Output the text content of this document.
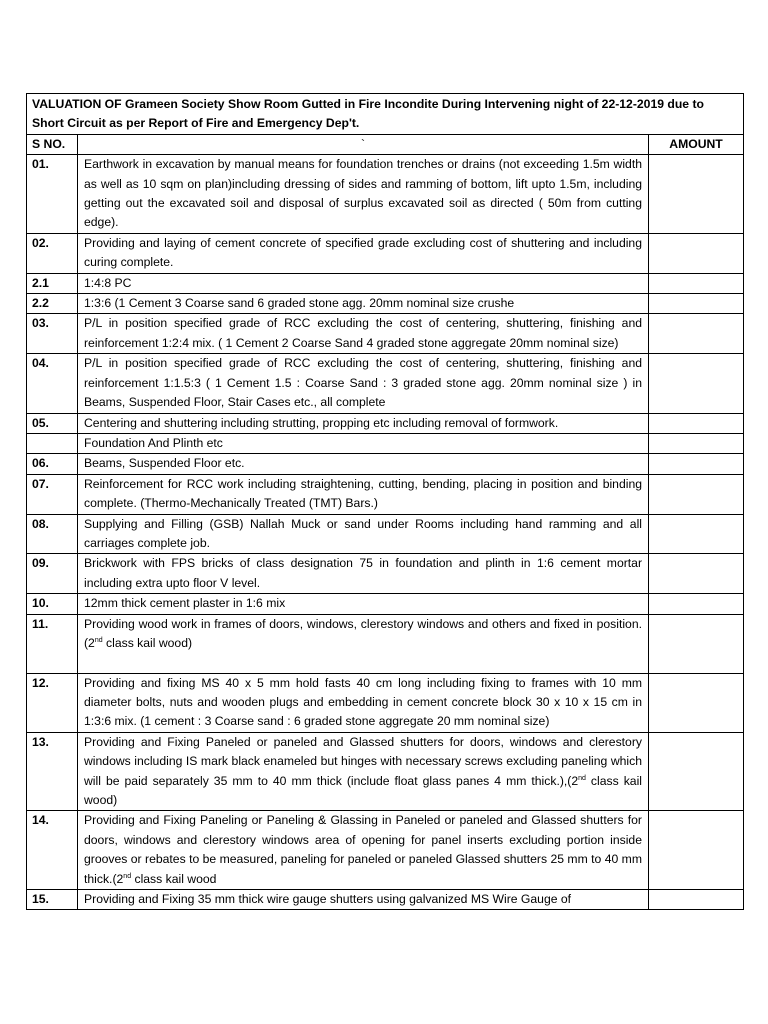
VALUATION OF Grameen Society Show Room Gutted in Fire Incondite During Intervening night of 22-12-2019 due to Short Circuit as per Report of Fire and Emergency Dep't.		
S NO.	`	AMOUNT
01.	Earthwork in excavation by manual means for foundation trenches or drains (not exceeding 1.5m width as well as 10 sqm on plan)including dressing of sides and ramming of bottom, lift upto 1.5m, including getting out the excavated soil and disposal of surplus excavated soil as directed ( 50m from cutting edge).	
02.	Providing and laying of cement concrete of specified grade excluding cost of shuttering and including curing complete.	
2.1	1:4:8 PC	
2.2	1:3:6 (1 Cement 3 Coarse sand 6 graded stone agg. 20mm nominal size crushe	
03.	P/L in position specified grade of RCC excluding the cost of centering, shuttering, finishing and reinforcement 1:2:4 mix. ( 1 Cement 2 Coarse Sand 4 graded stone aggregate 20mm nominal size)	
04.	P/L in position specified grade of RCC excluding the cost of centering, shuttering, finishing and reinforcement 1:1.5:3 ( 1 Cement 1.5 : Coarse Sand : 3 graded stone agg. 20mm nominal size ) in Beams, Suspended Floor, Stair Cases etc., all complete	
05.	Centering and shuttering including strutting, propping etc including removal of formwork.	
	Foundation And Plinth etc	
06.	Beams, Suspended Floor etc.	
07.	Reinforcement for RCC work including straightening, cutting, bending, placing in position and binding complete. (Thermo-Mechanically Treated (TMT) Bars.)	
08.	Supplying and Filling (GSB) Nallah Muck or sand under Rooms including hand ramming and all carriages complete job.	
09.	Brickwork with FPS bricks of class designation 75 in foundation and plinth in 1:6 cement mortar including extra upto floor V level.	
10.	12mm thick cement plaster in 1:6 mix	
11.	Providing wood work in frames of doors, windows, clerestory windows and others and fixed in position.(2nd class kail wood)	
12.	Providing and fixing MS 40 x 5 mm hold fasts 40 cm long including fixing to frames with 10 mm diameter bolts, nuts and wooden plugs and embedding in cement concrete block 30 x 10 x 15 cm in 1:3:6 mix. (1 cement : 3 Coarse sand : 6 graded stone aggregate 20 mm nominal size)	
13.	Providing and Fixing Paneled or paneled and Glassed shutters for doors, windows and clerestory windows including IS mark black enameled but hinges with necessary screws excluding paneling which will be paid separately 35 mm to 40 mm thick (include float glass panes 4 mm thick.),(2nd class kail wood)	
14.	Providing and Fixing Paneling or Paneling & Glassing in Paneled or paneled and Glassed shutters for doors, windows and clerestory windows area of opening for panel inserts excluding portion inside grooves or rebates to be measured, paneling for paneled or paneled Glassed shutters 25 mm to 40 mm thick.(2nd class kail wood	
15.	Providing and Fixing 35 mm thick wire gauge shutters using galvanized MS Wire Gauge of	
